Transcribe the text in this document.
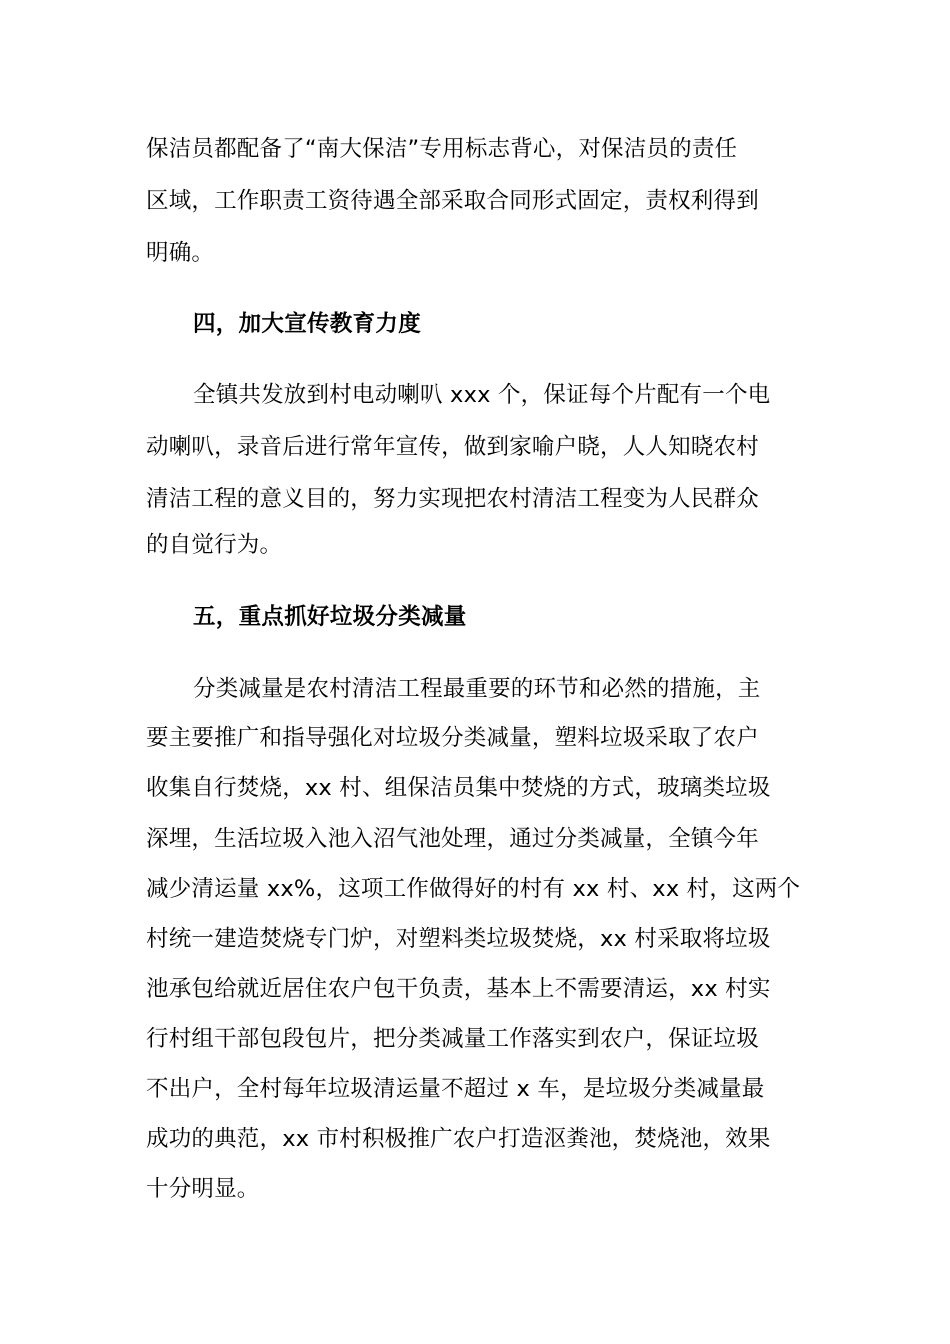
保洁员都配备了“南大保洁”专用标志背心，对保洁员的责任
区域，工作职责工资待遇全部采取合同形式固定，责权利得到
明确。
四，加大宣传教育力度
全镇共发放到村电动喇叭 xxx 个，保证每个片配有一个电
动喇叭，录音后进行常年宣传，做到家喻户晓，人人知晓农村
清洁工程的意义目的，努力实现把农村清洁工程变为人民群众
的自觉行为。
五，重点抓好垃圾分类减量
分类减量是农村清洁工程最重要的环节和必然的措施，主
要主要推广和指导强化对垃圾分类减量，塑料垃圾采取了农户
收集自行焚烧，xx 村、组保洁员集中焚烧的方式，玻璃类垃圾
深埋，生活垃圾入池入沼气池处理，通过分类减量，全镇今年
减少清运量 xx%，这项工作做得好的村有 xx 村、xx 村，这两个
村统一建造焚烧专门炉，对塑料类垃圾焚烧，xx 村采取将垃圾
池承包给就近居住农户包干负责，基本上不需要清运，xx 村实
行村组干部包段包片，把分类减量工作落实到农户，保证垃圾
不出户，全村每年垃圾清运量不超过 x 车，是垃圾分类减量最
成功的典范，xx 市村积极推广农户打造沤粪池，焚烧池，效果
十分明显。
